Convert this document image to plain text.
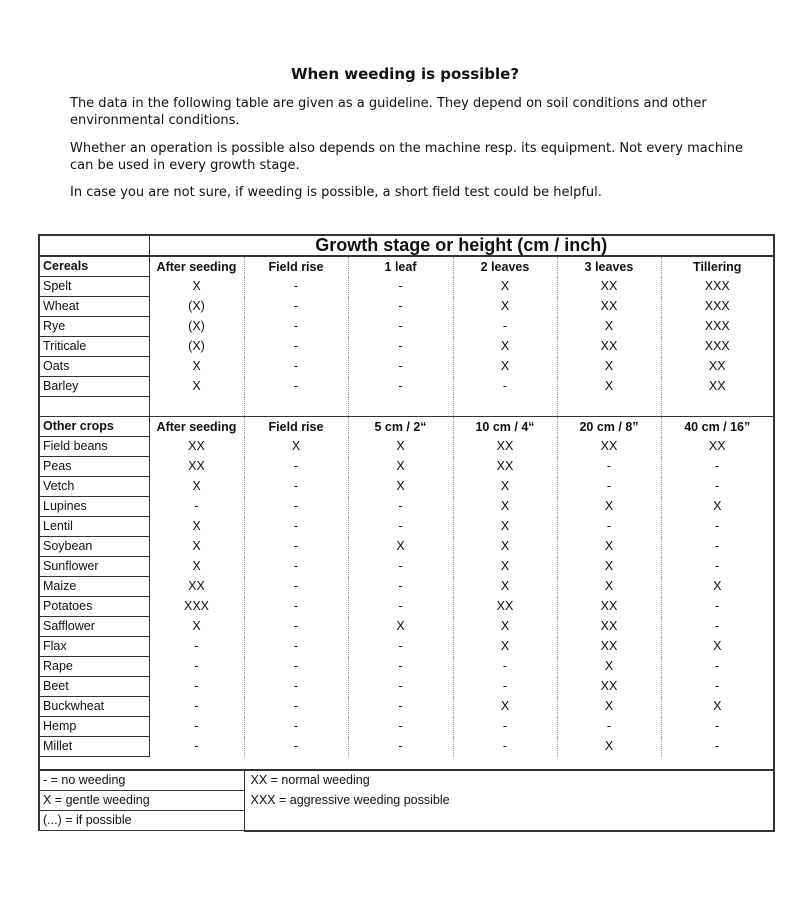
When weeding is possible?

The data in the following table are given as a guideline. They depend on soil conditions and other environmental conditions.

Whether an operation is possible also depends on the machine resp. its equipment. Not every machine can be used in every growth stage.

In case you are not sure, if weeding is possible, a short field test could be helpful.

	Growth stage or height (cm / inch)					
Cereals	After seeding	Field rise	1 leaf	2 leaves	3 leaves	Tillering
Spelt	X	-	-	X	XX	XXX
Wheat	(X)	-	-	X	XX	XXX
Rye	(X)	-	-	-	X	XXX
Triticale	(X)	-	-	X	XX	XXX
Oats	X	-	-	X	X	XX
Barley	X	-	-	-	X	XX

Other crops	After seeding	Field rise	5 cm / 2“	10 cm / 4“	20 cm / 8”	40 cm / 16”
Field beans	XX	X	X	XX	XX	XX
Peas	XX	-	X	XX	-	-
Vetch	X	-	X	X	-	-
Lupines	-	-	-	X	X	X
Lentil	X	-	-	X	-	-
Soybean	X	-	X	X	X	-
Sunflower	X	-	-	X	X	-
Maize	XX	-	-	X	X	X
Potatoes	XXX	-	-	XX	XX	-
Safflower	X	-	X	X	XX	-
Flax	-	-	-	X	XX	X
Rape	-	-	-	-	X	-
Beet	-	-	-	-	XX	-
Buckwheat	-	-	-	X	X	X
Hemp	-	-	-	-	-	-
Millet	-	-	-	-	X	-

- = no weeding		XX = normal weeding				
X = gentle weeding		XXX = aggressive weeding possible				
(...) = if possible						
